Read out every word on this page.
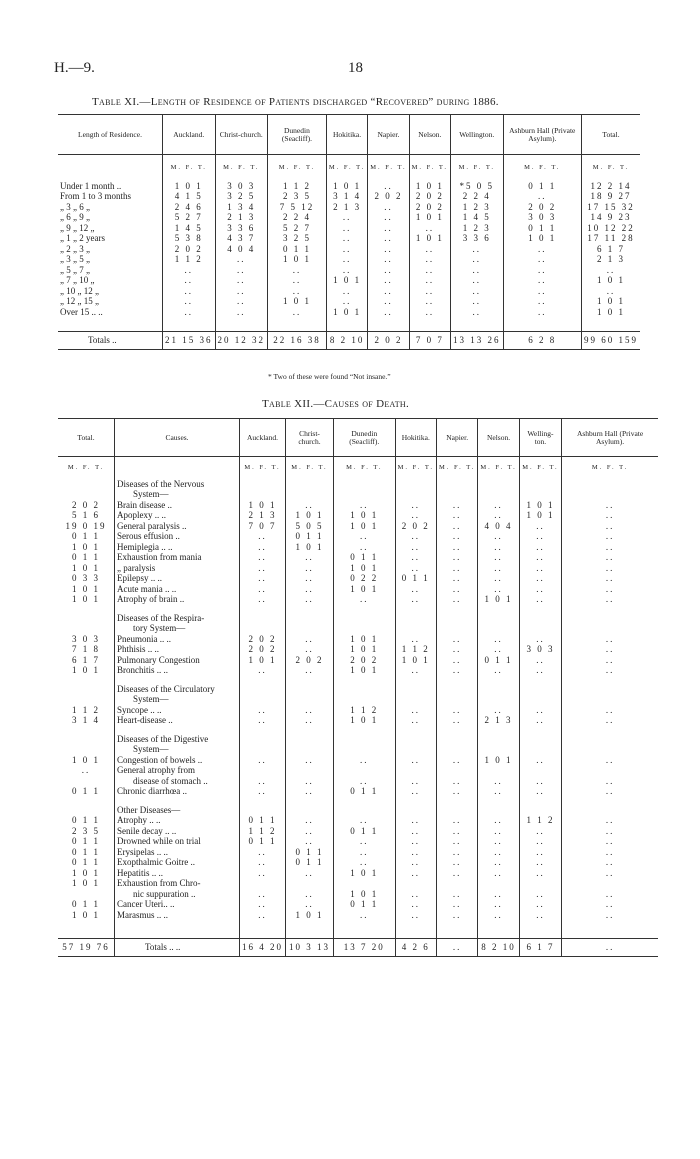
H.—9.	18
Table XI.—Length of Residence of Patients discharged “Recovered” during 1886.
Length of Residence.	Auckland.	Christ-church.	Dunedin (Seacliff).	Hokitika.	Napier.	Nelson.	Wellington.	Ashburn Hall (Private Asylum).	Total.
	M. F. T.	M. F. T.	M. F. T.	M. F. T.	M. F. T.	M. F. T.	M. F. T.	M. F. T.	M. F. T.
Under 1 month ..	1 0 1	3 0 3	1 1 2	1 0 1	..	1 0 1	*5 0 5	0 1 1	12 2 14
From 1 to 3 months	4 1 5	3 2 5	2 3 5	3 1 4	2 0 2	2 0 2	2 2 4	..	18 9 27
„ 3 „ 6 „	2 4 6	1 3 4	7 5 12	2 1 3	..	2 0 2	1 2 3	2 0 2	17 15 32
„ 6 „ 9 „	5 2 7	2 1 3	2 2 4	..	..	1 0 1	1 4 5	3 0 3	14 9 23
„ 9 „ 12 „	1 4 5	3 3 6	5 2 7	..	..	..	1 2 3	0 1 1	10 12 22
„ 1 „ 2 years	5 3 8	4 3 7	3 2 5	..	..	1 0 1	3 3 6	1 0 1	17 11 28
„ 2 „ 3 „	2 0 2	4 0 4	0 1 1	..	..	..	..	..	6 1 7
„ 3 „ 5 „	1 1 2	..	1 0 1	..	..	..	..	..	2 1 3
„ 5 „ 7 „	..	..	..	..	..	..	..	..	..
„ 7 „ 10 „	..	..	..	1 0 1	..	..	..	..	1 0 1
„ 10 „ 12 „	..	..	..	..	..	..	..	..	..
„ 12 „ 15 „	..	..	1 0 1	..	..	..	..	..	1 0 1
Over 15 .. ..	..	..	..	1 0 1	..	..	..	..	1 0 1

Totals ..	21 15 36	20 12 32	22 16 38	8 2 10	2 0 2	7 0 7	13 13 26	6 2 8	99 60 159
* Two of these were found “Not insane.”
Table XII.—Causes of Death.
Total.	Causes.	Auckland.	Christ-church.	Dunedin (Seacliff).	Hokitika.	Napier.	Nelson.	Welling-ton.	Ashburn Hall (Private Asylum).
M. F. T.		M. F. T.	M. F. T.	M. F. T.	M. F. T.	M. F. T.	M. F. T.	M. F. T.	M. F. T.
	Diseases of the Nervous								
	System—								
2 0 2	Brain disease ..	1 0 1	..	..	..	..	..	1 0 1	..
5 1 6	Apoplexy .. ..	2 1 3	1 0 1	1 0 1	..	..	..	1 0 1	..
19 0 19	General paralysis ..	7 0 7	5 0 5	1 0 1	2 0 2	..	4 0 4	..	..
0 1 1	Serous effusion ..	..	0 1 1	..	..	..	..	..	..
1 0 1	Hemiplegia .. ..	..	1 0 1	..	..	..	..	..	..
0 1 1	Exhaustion from mania	..	..	0 1 1	..	..	..	..	..
1 0 1	„ paralysis	..	..	1 0 1	..	..	..	..	..
0 3 3	Epilepsy .. ..	..	..	0 2 2	0 1 1	..	..	..	..
1 0 1	Acute mania .. ..	..	..	1 0 1	..	..	..	..	..
1 0 1	Atrophy of brain ..	..	..	..	..	..	1 0 1	..	..

	Diseases of the Respira-								
	tory System—								
3 0 3	Pneumonia .. ..	2 0 2	..	1 0 1	..	..	..	..	..
7 1 8	Phthisis .. ..	2 0 2	..	1 0 1	1 1 2	..	..	3 0 3	..
6 1 7	Pulmonary Congestion	1 0 1	2 0 2	2 0 2	1 0 1	..	0 1 1	..	..
1 0 1	Bronchitis .. ..	..	..	1 0 1	..	..	..	..	..

	Diseases of the Circulatory								
	System—								
1 1 2	Syncope .. ..	..	..	1 1 2	..	..	..	..	..
3 1 4	Heart-disease ..	..	..	1 0 1	..	..	2 1 3	..	..

	Diseases of the Digestive								
	System—								
1 0 1	Congestion of bowels ..	..	..	..	..	..	1 0 1	..	..
..	General atrophy from								
	disease of stomach ..	..	..	..	..	..	..	..	..
0 1 1	Chronic diarrhœa ..	..	..	0 1 1	..	..	..	..	..

	Other Diseases—								
0 1 1	Atrophy .. ..	0 1 1	..	..	..	..	..	1 1 2	..
2 3 5	Senile decay .. ..	1 1 2	..	0 1 1	..	..	..	..	..
0 1 1	Drowned while on trial	0 1 1	..	..	..	..	..	..	..
0 1 1	Erysipelas .. ..	..	0 1 1	..	..	..	..	..	..
0 1 1	Exopthalmic Goitre ..	..	0 1 1	..	..	..	..	..	..
1 0 1	Hepatitis .. ..	..	..	1 0 1	..	..	..	..	..
1 0 1	Exhaustion from Chro-								
	nic suppuration ..	..	..	1 0 1	..	..	..	..	..
0 1 1	Cancer Uteri.. ..	..	..	0 1 1	..	..	..	..	..
1 0 1	Marasmus .. ..	..	1 0 1	..	..	..	..	..	..

57 19 76	Totals .. ..	16 4 20	10 3 13	13 7 20	4 2 6	..	8 2 10	6 1 7	..
